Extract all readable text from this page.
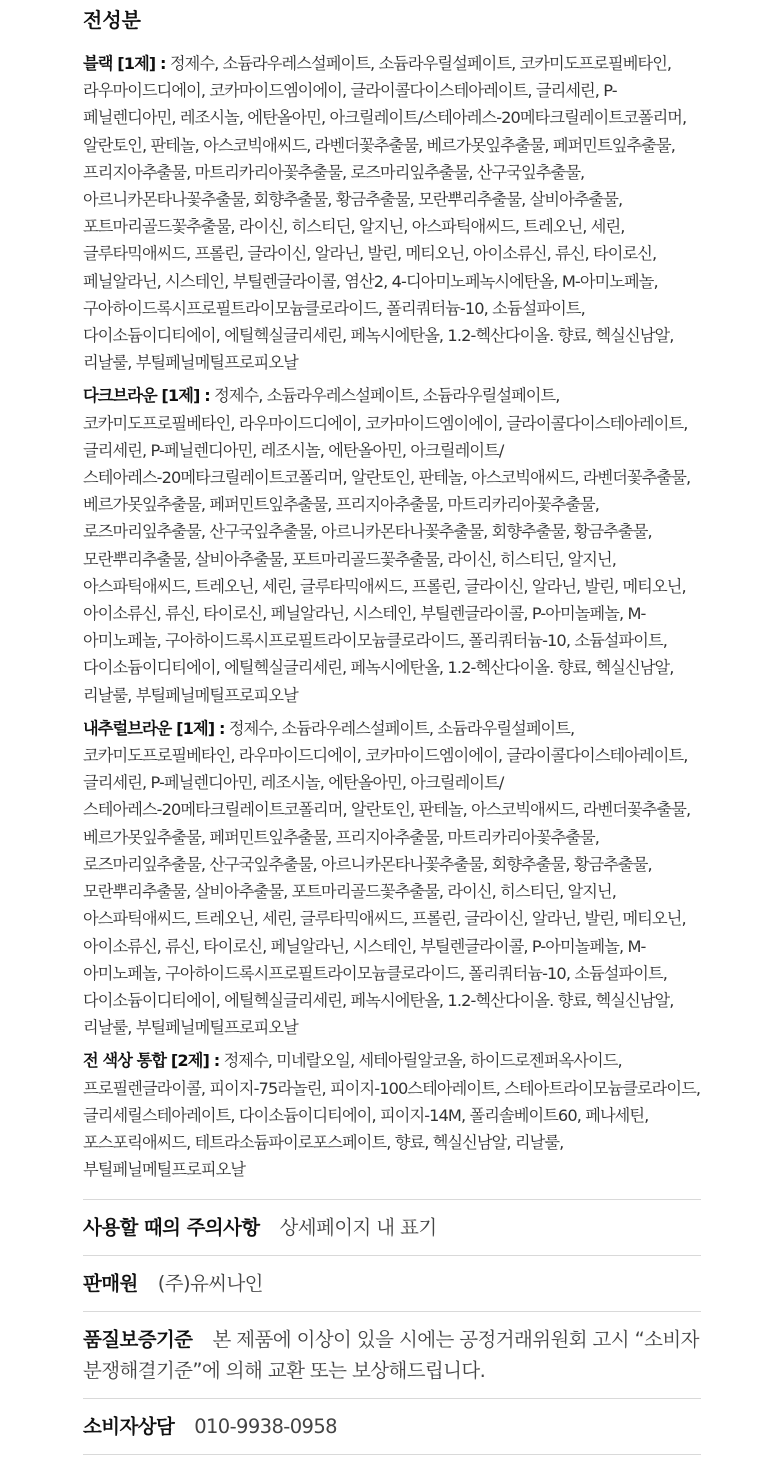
전성분

블랙 [1제] : 정제수, 소듐라우레스설페이트, 소듐라우릴설페이트, 코카미도프로필베타인, 라우마이드디에이, 코카마이드엠이에이, 글라이콜다이스테아레이트, 글리세린, P-페닐렌디아민, 레조시놀, 에탄올아민, 아크릴레이트/스테아레스-20메타크릴레이트코폴리머, 알란토인, 판테놀, 아스코빅애씨드, 라벤더꽃추출물, 베르가못잎추출물, 페퍼민트잎추출물, 프리지아추출물, 마트리카리아꽃추출물, 로즈마리잎추출물, 산구국잎추출물, 아르니카몬타나꽃추출물, 회향추출물, 황금추출물, 모란뿌리추출물, 살비아추출물, 포트마리골드꽃추출물, 라이신, 히스티딘, 알지닌, 아스파틱애씨드, 트레오닌, 세린, 글루타믹애씨드, 프롤린, 글라이신, 알라닌, 발린, 메티오닌, 아이소류신, 류신, 타이로신, 페닐알라닌, 시스테인, 부틸렌글라이콜, 염산2, 4-디아미노페녹시에탄올, M-아미노페놀, 구아하이드록시프로필트라이모늄클로라이드, 폴리쿼터늄-10, 소듐설파이트, 다이소듐이디티에이, 에틸헥실글리세린, 페녹시에탄올, 1.2-헥산다이올. 향료, 헥실신남알, 리날룰, 부틸페닐메틸프로피오날

다크브라운 [1제] : 정제수, 소듐라우레스설페이트, 소듐라우릴설페이트, 코카미도프로필베타인, 라우마이드디에이, 코카마이드엠이에이, 글라이콜다이스테아레이트, 글리세린, P-페닐렌디아민, 레조시놀, 에탄올아민, 아크릴레이트/스테아레스-20메타크릴레이트코폴리머, 알란토인, 판테놀, 아스코빅애씨드, 라벤더꽃추출물, 베르가못잎추출물, 페퍼민트잎추출물, 프리지아추출물, 마트리카리아꽃추출물, 로즈마리잎추출물, 산구국잎추출물, 아르니카몬타나꽃추출물, 회향추출물, 황금추출물, 모란뿌리추출물, 살비아추출물, 포트마리골드꽃추출물, 라이신, 히스티딘, 알지닌, 아스파틱애씨드, 트레오닌, 세린, 글루타믹애씨드, 프롤린, 글라이신, 알라닌, 발린, 메티오닌, 아이소류신, 류신, 타이로신, 페닐알라닌, 시스테인, 부틸렌글라이콜, P-아미놀페놀, M-아미노페놀, 구아하이드록시프로필트라이모늄클로라이드, 폴리쿼터늄-10, 소듐설파이트, 다이소듐이디티에이, 에틸헥실글리세린, 페녹시에탄올, 1.2-헥산다이올. 향료, 헥실신남알, 리날룰, 부틸페닐메틸프로피오날

내추럴브라운 [1제] : 정제수, 소듐라우레스설페이트, 소듐라우릴설페이트, 코카미도프로필베타인, 라우마이드디에이, 코카마이드엠이에이, 글라이콜다이스테아레이트, 글리세린, P-페닐렌디아민, 레조시놀, 에탄올아민, 아크릴레이트/스테아레스-20메타크릴레이트코폴리머, 알란토인, 판테놀, 아스코빅애씨드, 라벤더꽃추출물, 베르가못잎추출물, 페퍼민트잎추출물, 프리지아추출물, 마트리카리아꽃추출물, 로즈마리잎추출물, 산구국잎추출물, 아르니카몬타나꽃추출물, 회향추출물, 황금추출물, 모란뿌리추출물, 살비아추출물, 포트마리골드꽃추출물, 라이신, 히스티딘, 알지닌, 아스파틱애씨드, 트레오닌, 세린, 글루타믹애씨드, 프롤린, 글라이신, 알라닌, 발린, 메티오닌, 아이소류신, 류신, 타이로신, 페닐알라닌, 시스테인, 부틸렌글라이콜, P-아미놀페놀, M-아미노페놀, 구아하이드록시프로필트라이모늄클로라이드, 폴리쿼터늄-10, 소듐설파이트, 다이소듐이디티에이, 에틸헥실글리세린, 페녹시에탄올, 1.2-헥산다이올. 향료, 헥실신남알, 리날룰, 부틸페닐메틸프로피오날

전 색상 통합 [2제] : 정제수, 미네랄오일, 세테아릴알코올, 하이드로젠퍼옥사이드, 프로필렌글라이콜, 피이지-75라놀린, 피이지-100스테아레이트, 스테아트라이모늄클로라이드, 글리세릴스테아레이트, 다이소듐이디티에이, 피이지-14M, 폴리솔베이트60, 페나세틴, 포스포릭애씨드, 테트라소듐파이로포스페이트, 향료, 헥실신남알, 리날룰, 부틸페닐메틸프로피오날

사용할 때의 주의사항 상세페이지 내 표기
판매원 (주)유씨나인
품질보증기준 본 제품에 이상이 있을 시에는 공정거래위원회 고시 “소비자분쟁해결기준”에 의해 교환 또는 보상해드립니다.
소비자상담 010-9938-0958
